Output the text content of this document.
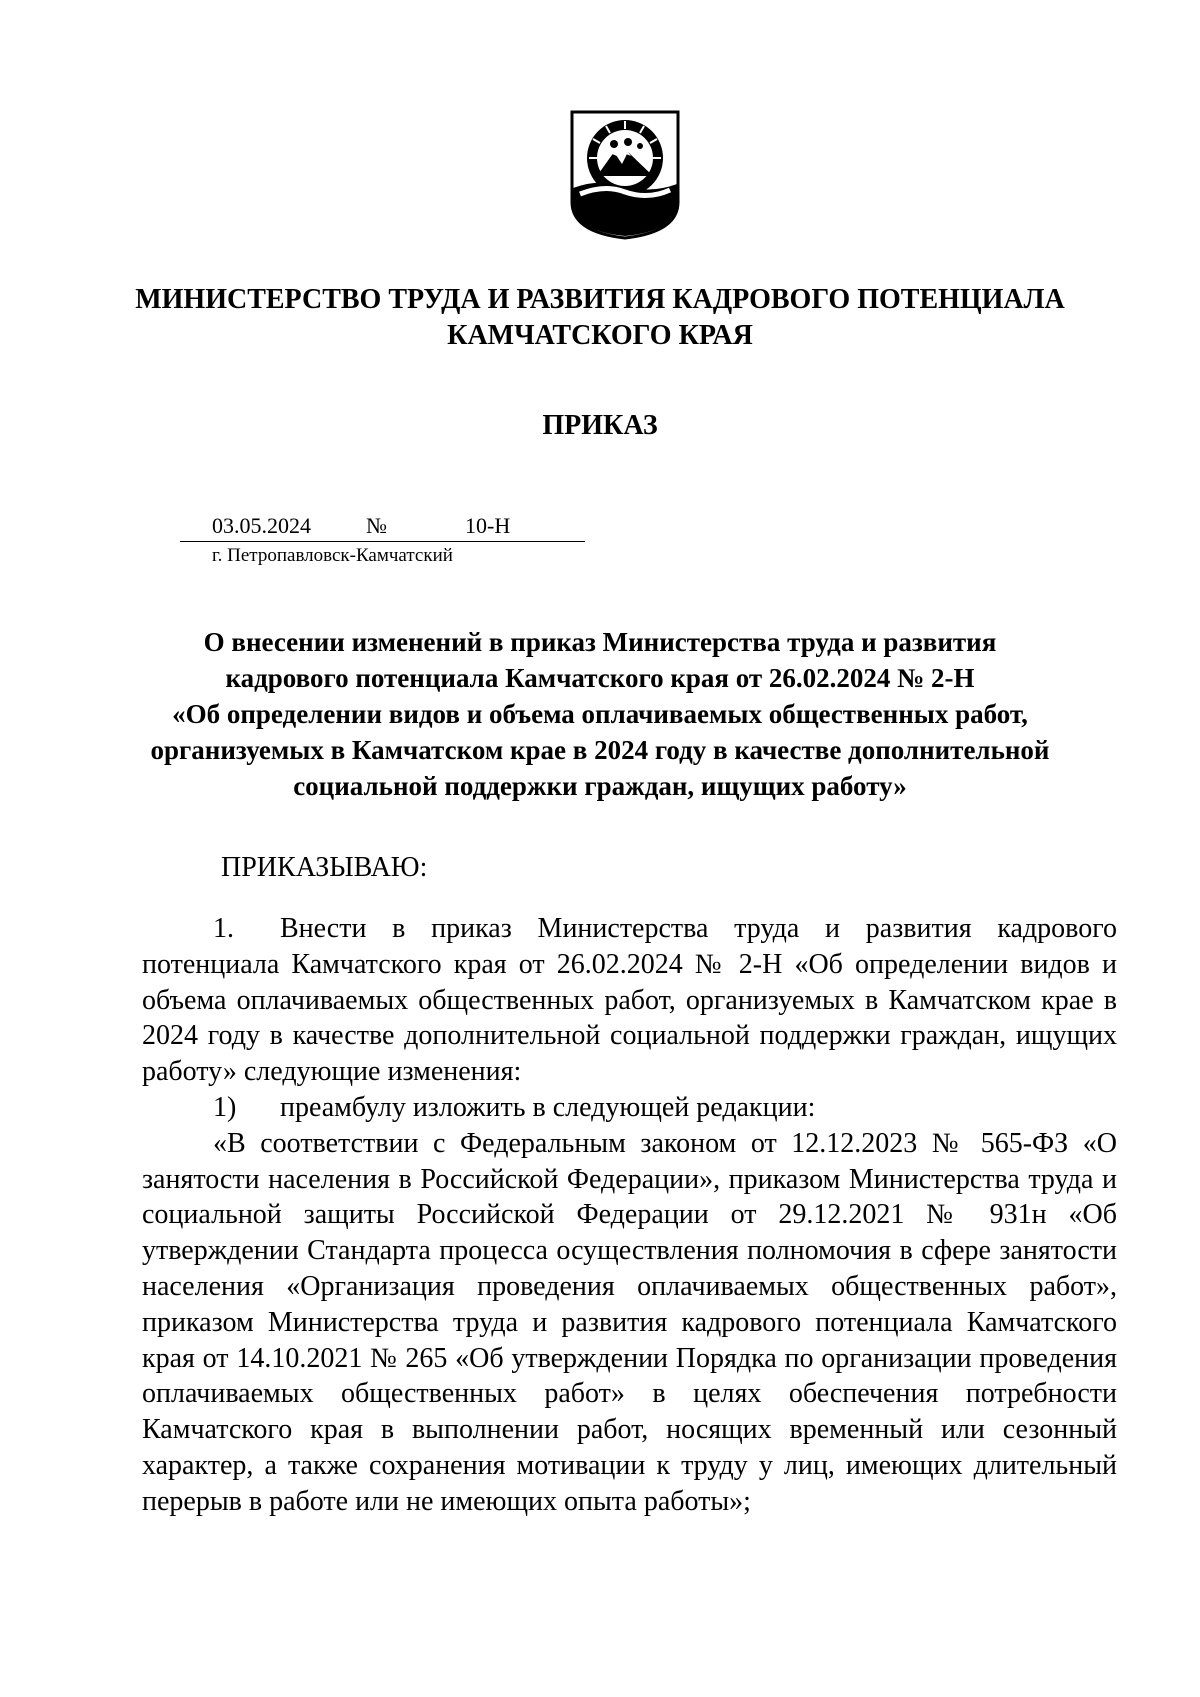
МИНИСТЕРСТВО ТРУДА И РАЗВИТИЯ КАДРОВОГО ПОТЕНЦИАЛА
КАМЧАТСКОГО КРАЯ
ПРИКАЗ
03.05.2024	№	10-Н
г. Петропавловск-Камчатский
О внесении изменений в приказ Министерства труда и развития
кадрового потенциала Камчатского края от 26.02.2024 № 2-Н
«Об определении видов и объема оплачиваемых общественных работ,
организуемых в Камчатском крае в 2024 году в качестве дополнительной
социальной поддержки граждан, ищущих работу»
ПРИКАЗЫВАЮ:

1. Внести в приказ Министерства труда и развития кадрового потенциала Камчатского края от 26.02.2024 № 2-Н «Об определении видов и объема оплачиваемых общественных работ, организуемых в Камчатском крае в 2024 году в качестве дополнительной социальной поддержки граждан, ищущих работу» следующие изменения:

1) преамбулу изложить в следующей редакции:

«В соответствии с Федеральным законом от 12.12.2023 № 565-ФЗ «О занятости населения в Российской Федерации», приказом Министерства труда и социальной защиты Российской Федерации от 29.12.2021 № 931н «Об утверждении Стандарта процесса осуществления полномочия в сфере занятости населения «Организация проведения оплачиваемых общественных работ», приказом Министерства труда и развития кадрового потенциала Камчатского края от 14.10.2021 № 265 «Об утверждении Порядка по организации проведения оплачиваемых общественных работ» в целях обеспечения потребности Камчатского края в выполнении работ, носящих временный или сезонный характер, а также сохранения мотивации к труду у лиц, имеющих длительный перерыв в работе или не имеющих опыта работы»;
